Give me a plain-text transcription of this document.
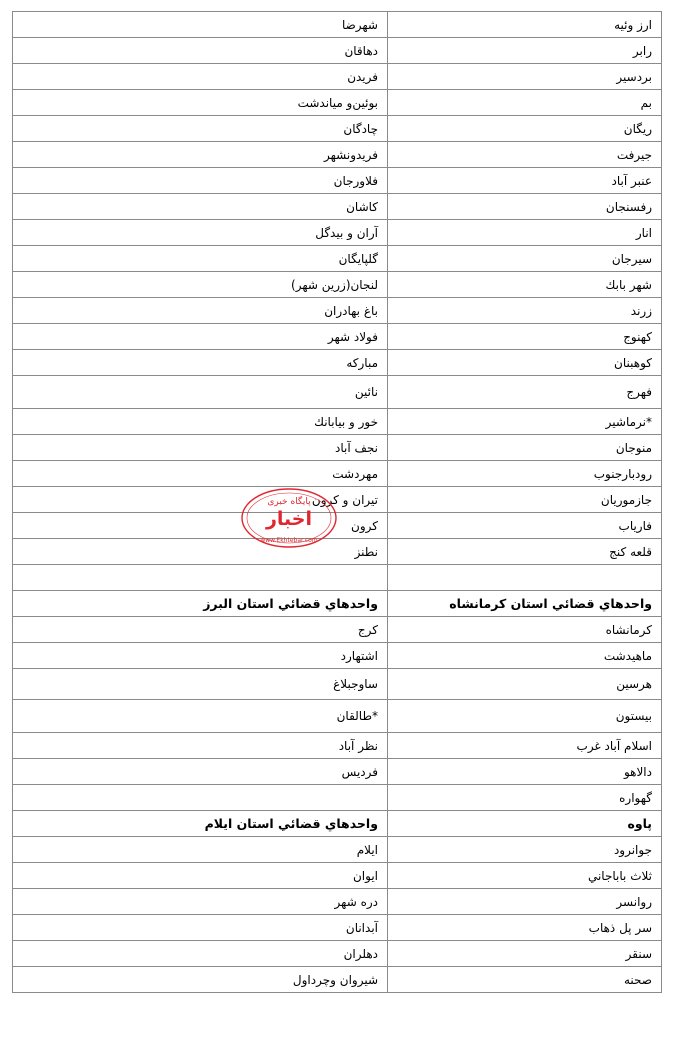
شهرضا	ارز وئيه
دهاقان	رابر
فريدن	بردسير
بوئين‌و مياندشت	بم
چادگان	ريگان
فريدونشهر	جيرفت
فلاورجان	عنبر آباد
كاشان	رفسنجان
آران و بيدگل	انار
گلپايگان	سيرجان
لنجان(زرين شهر)	شهر بابك
باغ بهادران	زرند
فولاد شهر	كهنوج
مباركه	كوهبنان
نائين	فهرج
خور و بيابانك	*نرماشير
نجف آباد	منوجان
مهردشت	رودبارجنوب
تيران و كرون	جازموريان
كرون	فارياب
نطنز	قلعه كنج

واحدهاي قضائي استان البرز	واحدهاي قضائي استان كرمانشاه
كرج	كرمانشاه
اشتهارد	ماهيدشت
ساوجبلاغ	هرسين
*طالقان	بيستون
نظر آباد	اسلام آباد غرب
فرديس	دالاهو
	گهواره
واحدهاي قضائي استان ايلام	پاوه
ايلام	جوانرود
ايوان	ثلاث باباجاني
دره شهر	روانسر
آبدانان	سر پل ذهاب
دهلران	سنقر
شيروان وچرداول	صحنه
پایگاه خبری
اخبار
www.Ekhtebar.com
